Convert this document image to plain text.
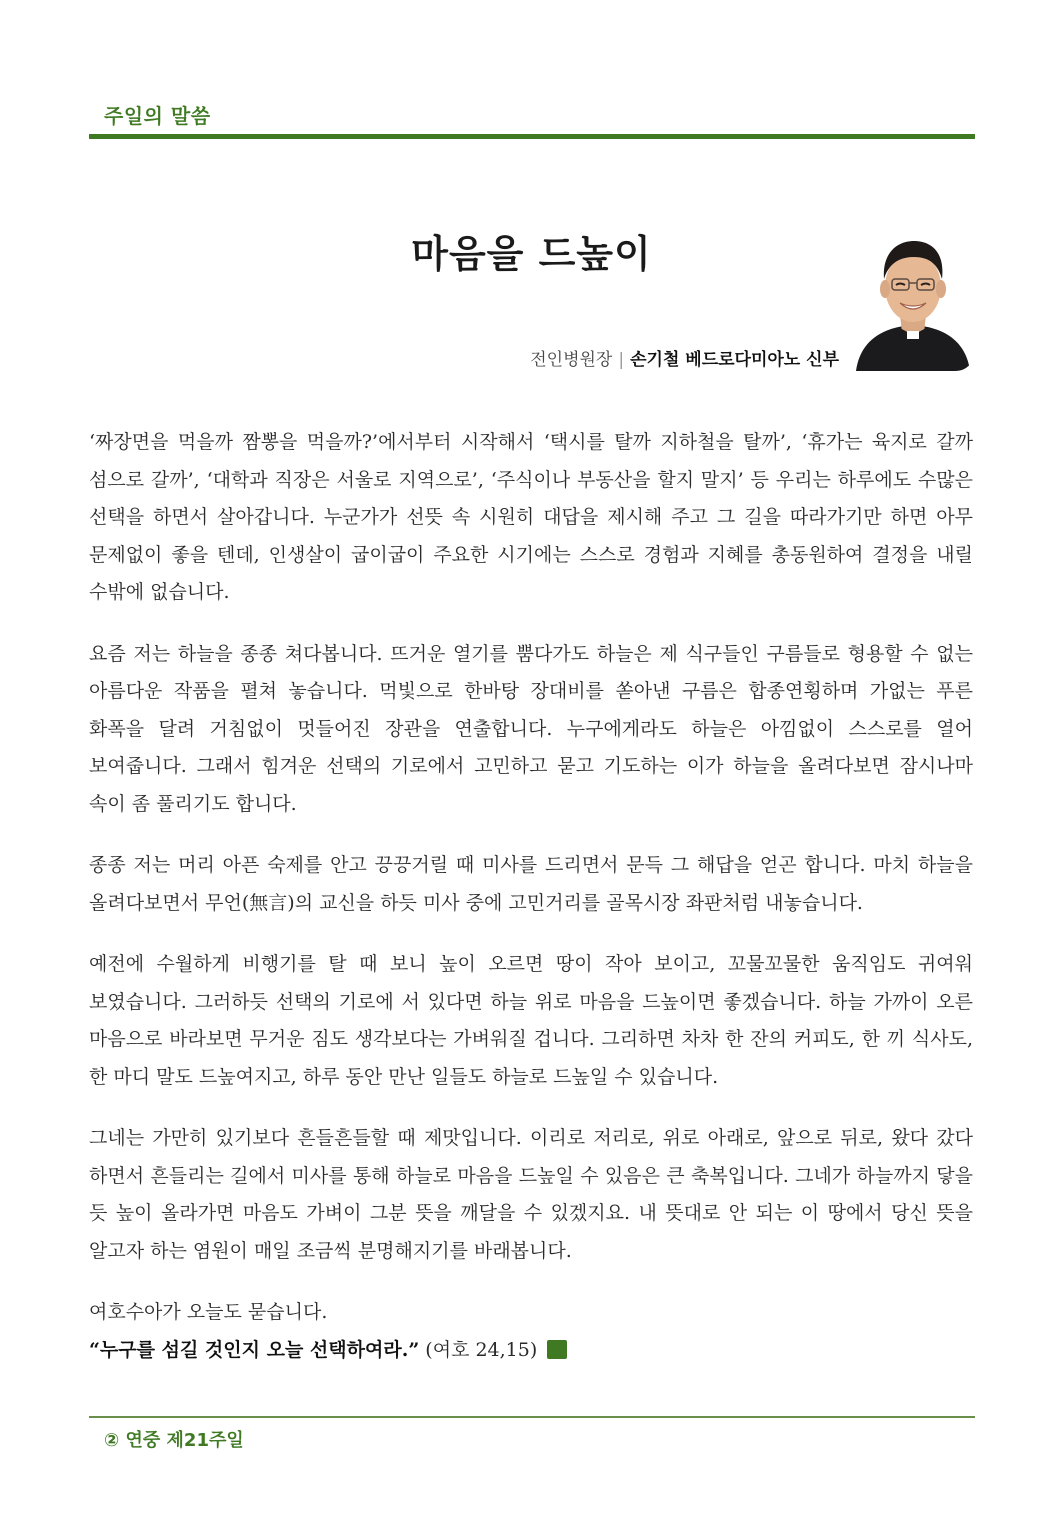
주일의 말씀
마음을 드높이
전인병원장 | 손기철 베드로다미아노 신부

‘짜장면을 먹을까 짬뽕을 먹을까?’에서부터 시작해서 ‘택시를 탈까 지하철을 탈까’, ‘휴가는 육지로 갈까 섬으로 갈까’, ‘대학과 직장은 서울로 지역으로’, ‘주식이나 부동산을 할지 말지’ 등 우리는 하루에도 수많은 선택을 하면서 살아갑니다. 누군가가 선뜻 속 시원히 대답을 제시해 주고 그 길을 따라가기만 하면 아무 문제없이 좋을 텐데, 인생살이 굽이굽이 주요한 시기에는 스스로 경험과 지혜를 총동원하여 결정을 내릴 수밖에 없습니다.

요즘 저는 하늘을 종종 쳐다봅니다. 뜨거운 열기를 뿜다가도 하늘은 제 식구들인 구름들로 형용할 수 없는 아름다운 작품을 펼쳐 놓습니다. 먹빛으로 한바탕 장대비를 쏟아낸 구름은 합종연횡하며 가없는 푸른 화폭을 달려 거침없이 멋들어진 장관을 연출합니다. 누구에게라도 하늘은 아낌없이 스스로를 열어 보여줍니다. 그래서 힘겨운 선택의 기로에서 고민하고 묻고 기도하는 이가 하늘을 올려다보면 잠시나마 속이 좀 풀리기도 합니다.

종종 저는 머리 아픈 숙제를 안고 끙끙거릴 때 미사를 드리면서 문득 그 해답을 얻곤 합니다. 마치 하늘을 올려다보면서 무언(無言)의 교신을 하듯 미사 중에 고민거리를 골목시장 좌판처럼 내놓습니다.

예전에 수월하게 비행기를 탈 때 보니 높이 오르면 땅이 작아 보이고, 꼬물꼬물한 움직임도 귀여워 보였습니다. 그러하듯 선택의 기로에 서 있다면 하늘 위로 마음을 드높이면 좋겠습니다. 하늘 가까이 오른 마음으로 바라보면 무거운 짐도 생각보다는 가벼워질 겁니다. 그리하면 차차 한 잔의 커피도, 한 끼 식사도, 한 마디 말도 드높여지고, 하루 동안 만난 일들도 하늘로 드높일 수 있습니다.

그네는 가만히 있기보다 흔들흔들할 때 제맛입니다. 이리로 저리로, 위로 아래로, 앞으로 뒤로, 왔다 갔다 하면서 흔들리는 길에서 미사를 통해 하늘로 마음을 드높일 수 있음은 큰 축복입니다. 그네가 하늘까지 닿을 듯 높이 올라가면 마음도 가벼이 그분 뜻을 깨달을 수 있겠지요. 내 뜻대로 안 되는 이 땅에서 당신 뜻을 알고자 하는 염원이 매일 조금씩 분명해지기를 바래봅니다.

여호수아가 오늘도 묻습니다.

“누구를 섬길 것인지 오늘 선택하여라.” (여호 24,15)

② 연중 제21주일
